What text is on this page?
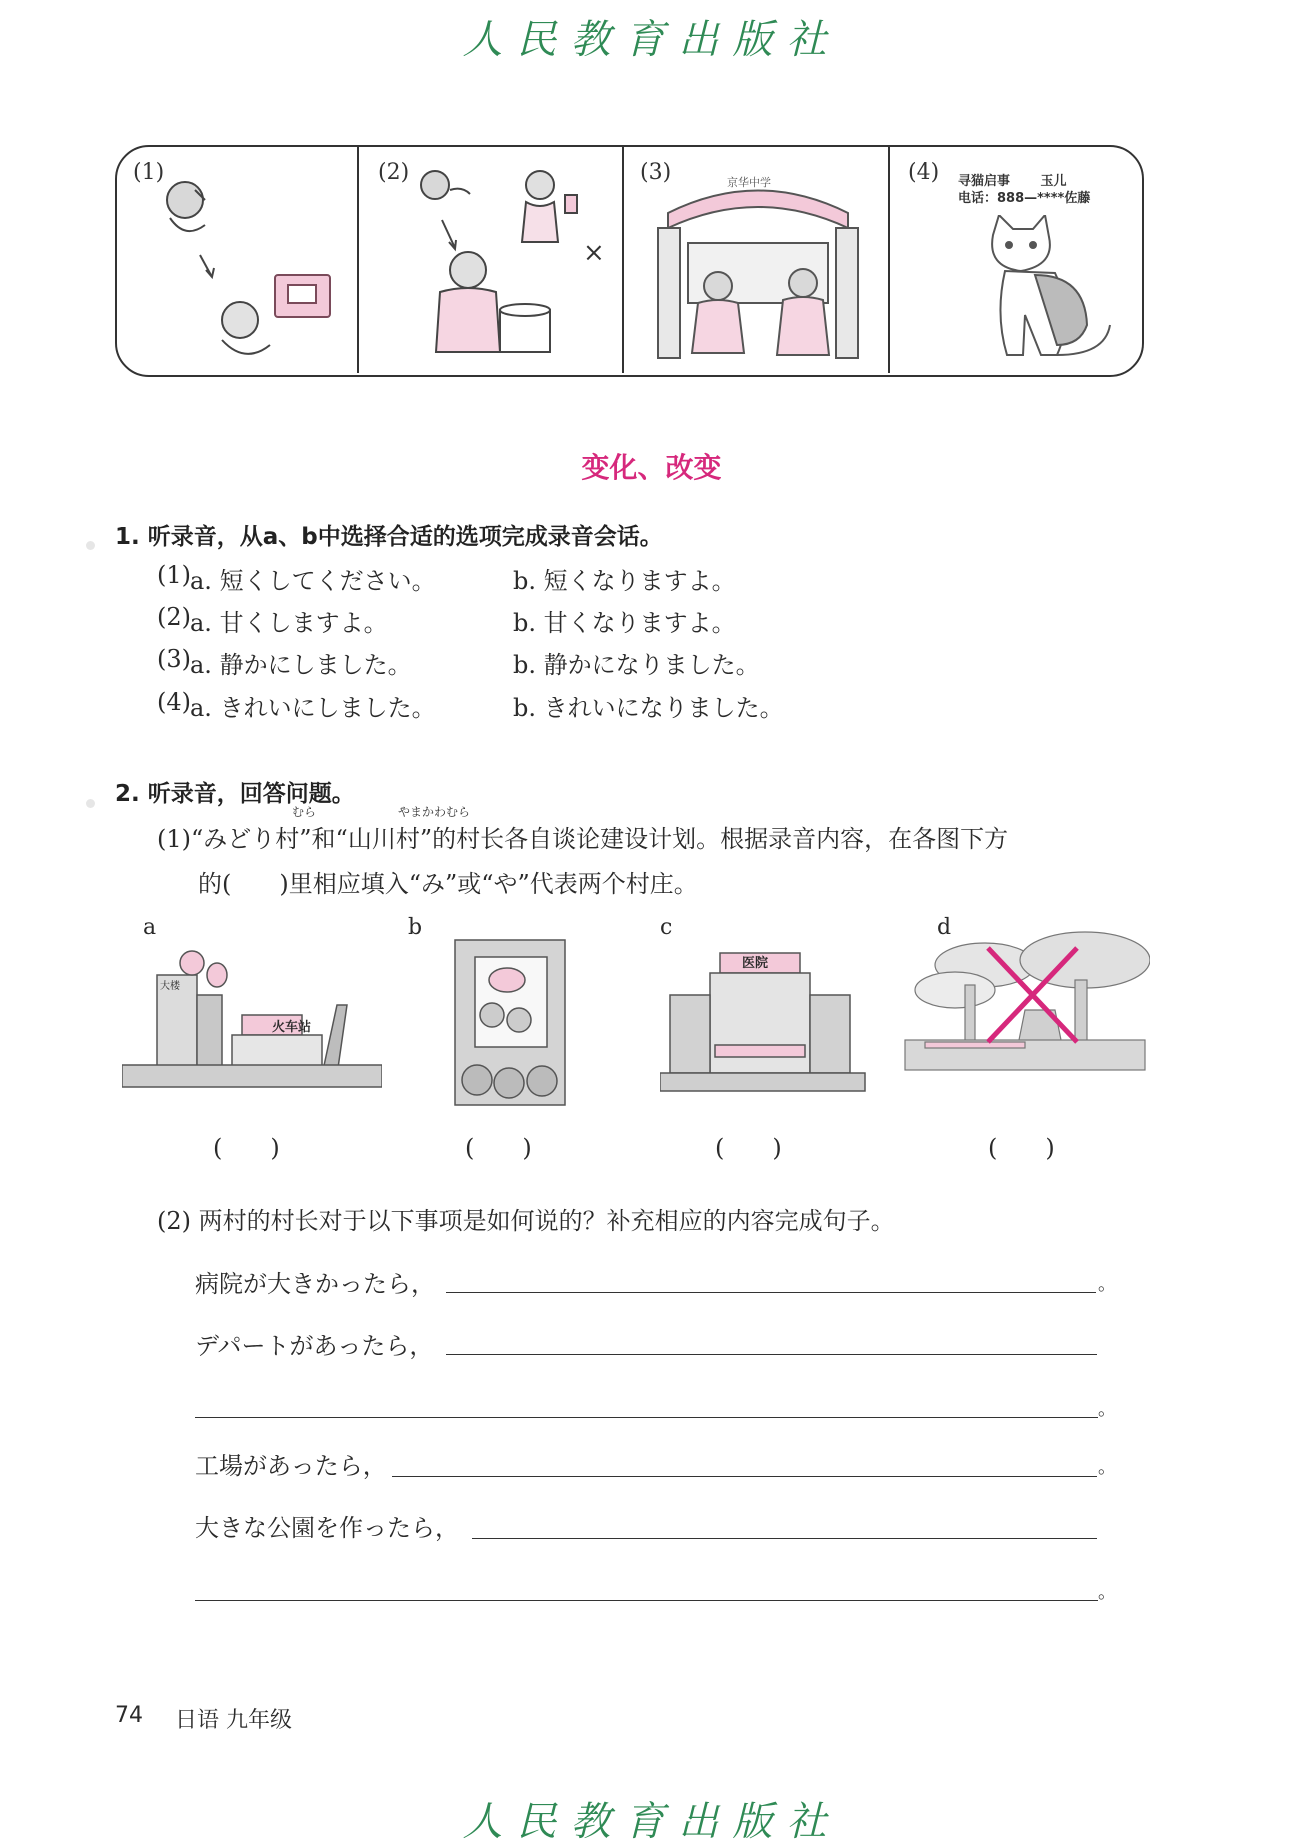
人民教育出版社
(1)	(2)	(3)	(4)
×
京华中学	寻猫启事 玉儿
电话：888—****佐藤
变化、改变
1. 听录音，从a、b中选择合适的选项完成录音会话。
(1) a. 短くしてください。	b. 短くなりますよ。
(2) a. 甘くしますよ。	b. 甘くなりますよ。
(3) a. 静かにしました。	b. 静かになりました。
(4) a. きれいにしました。	b. きれいになりました。
2. 听录音，回答问题。
むら	やまかわむら
(1)“みどり村”和“山川村”的村长各自谈论建设计划。根据录音内容，在各图下方
的(　　)里相应填入“み”或“や”代表两个村庄。
a	b	c	d
火车站
大楼
医院
(　　)	(　　)	(　　)	(　　)
(2) 两村的村长对于以下事项是如何说的？补充相应的内容完成句子。
病院が大きかったら，	。
デパートがあったら，
。
工場があったら，	。
大きな公園を作ったら，
。
74 日语 九年级
人民教育出版社
